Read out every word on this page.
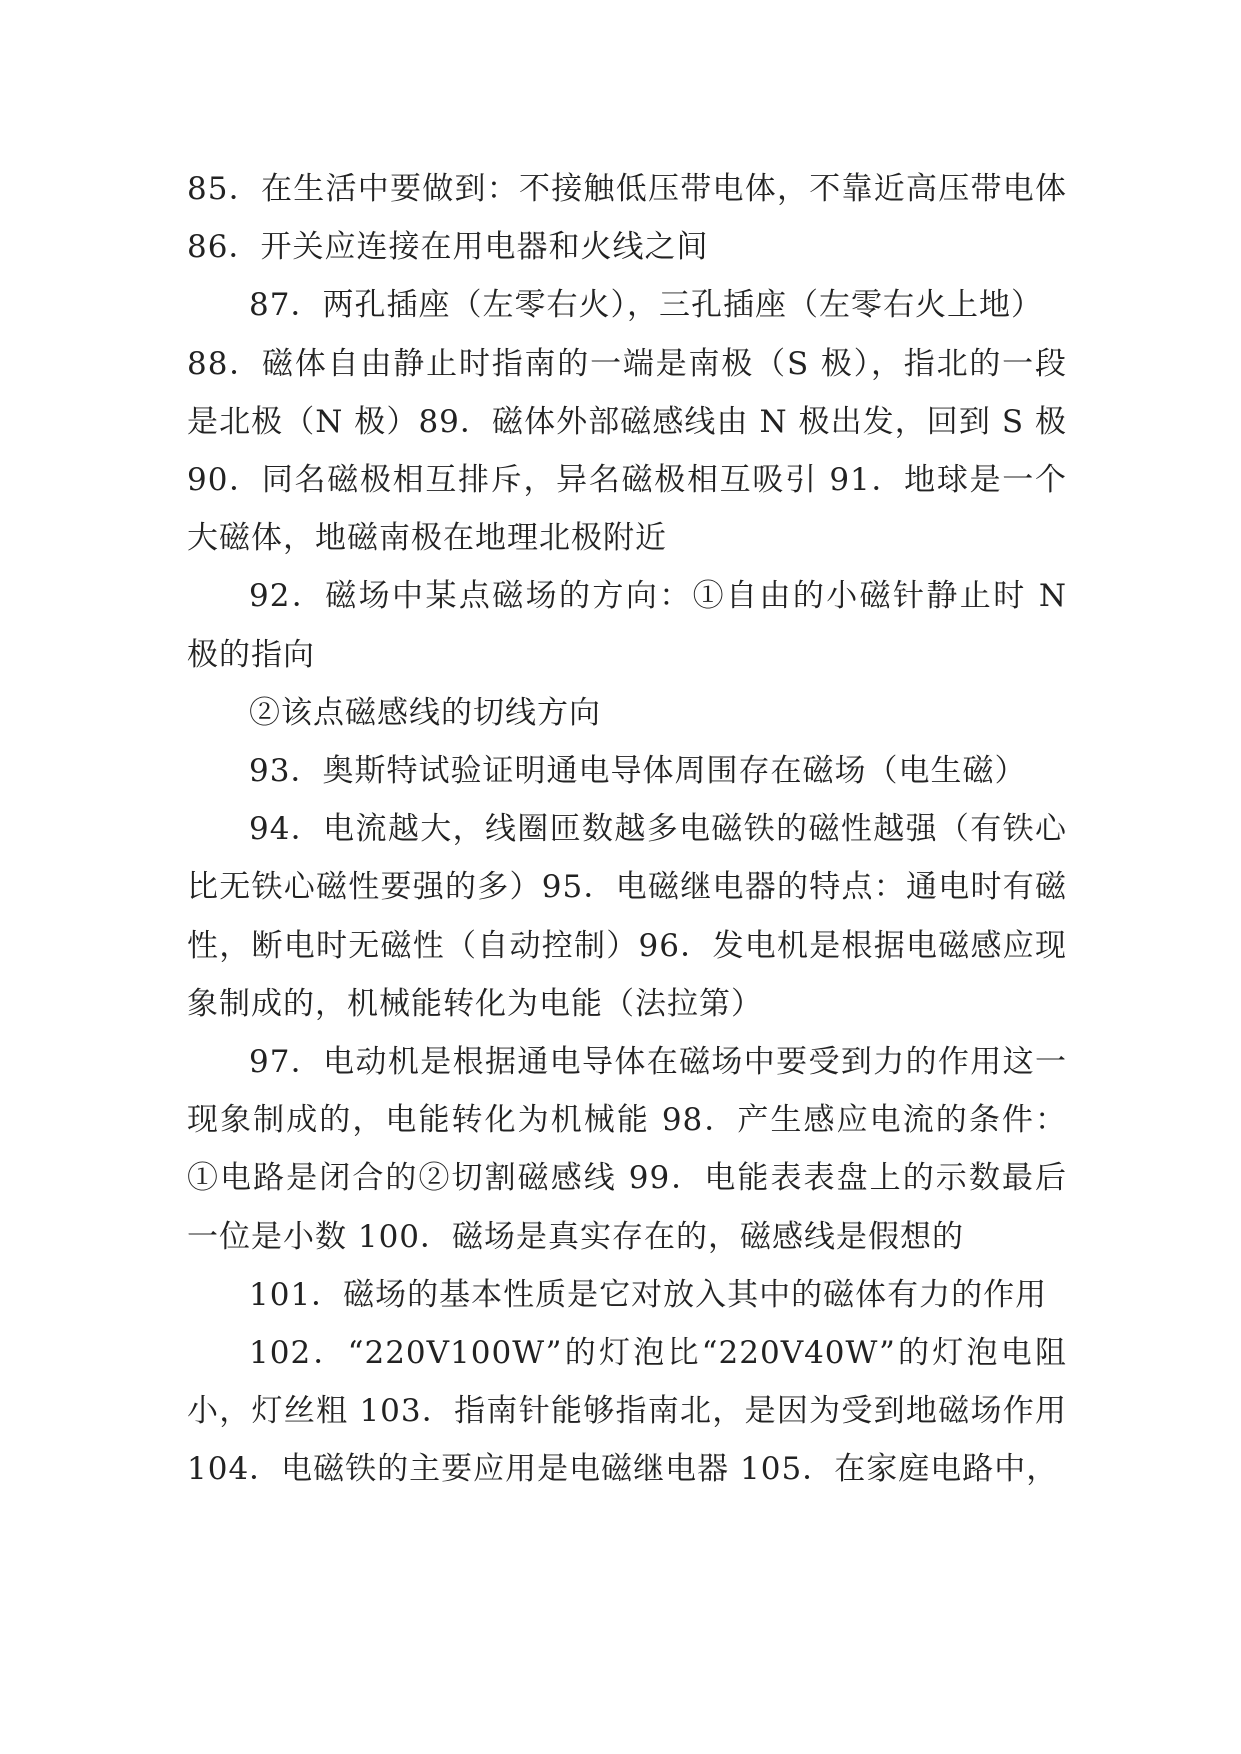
85．在生活中要做到：不接触低压带电体，不靠近高压带电体 86．开关应连接在用电器和火线之间

87．两孔插座（左零右火），三孔插座（左零右火上地）

88．磁体自由静止时指南的一端是南极（S 极），指北的一段是北极（N 极）89．磁体外部磁感线由 N 极出发，回到 S 极 90．同名磁极相互排斥，异名磁极相互吸引 91．地球是一个大磁体，地磁南极在地理北极附近

92．磁场中某点磁场的方向：①自由的小磁针静止时 N 极的指向

②该点磁感线的切线方向

93．奥斯特试验证明通电导体周围存在磁场（电生磁）

94．电流越大，线圈匝数越多电磁铁的磁性越强（有铁心比无铁心磁性要强的多）95．电磁继电器的特点：通电时有磁性，断电时无磁性（自动控制）96．发电机是根据电磁感应现象制成的，机械能转化为电能（法拉第）

97．电动机是根据通电导体在磁场中要受到力的作用这一现象制成的，电能转化为机械能 98．产生感应电流的条件：①电路是闭合的②切割磁感线 99．电能表表盘上的示数最后一位是小数 100．磁场是真实存在的，磁感线是假想的

101．磁场的基本性质是它对放入其中的磁体有力的作用

102．“220V100W”的灯泡比“220V40W”的灯泡电阻小，灯丝粗 103．指南针能够指南北，是因为受到地磁场作用 104．电磁铁的主要应用是电磁继电器 105．在家庭电路中，
